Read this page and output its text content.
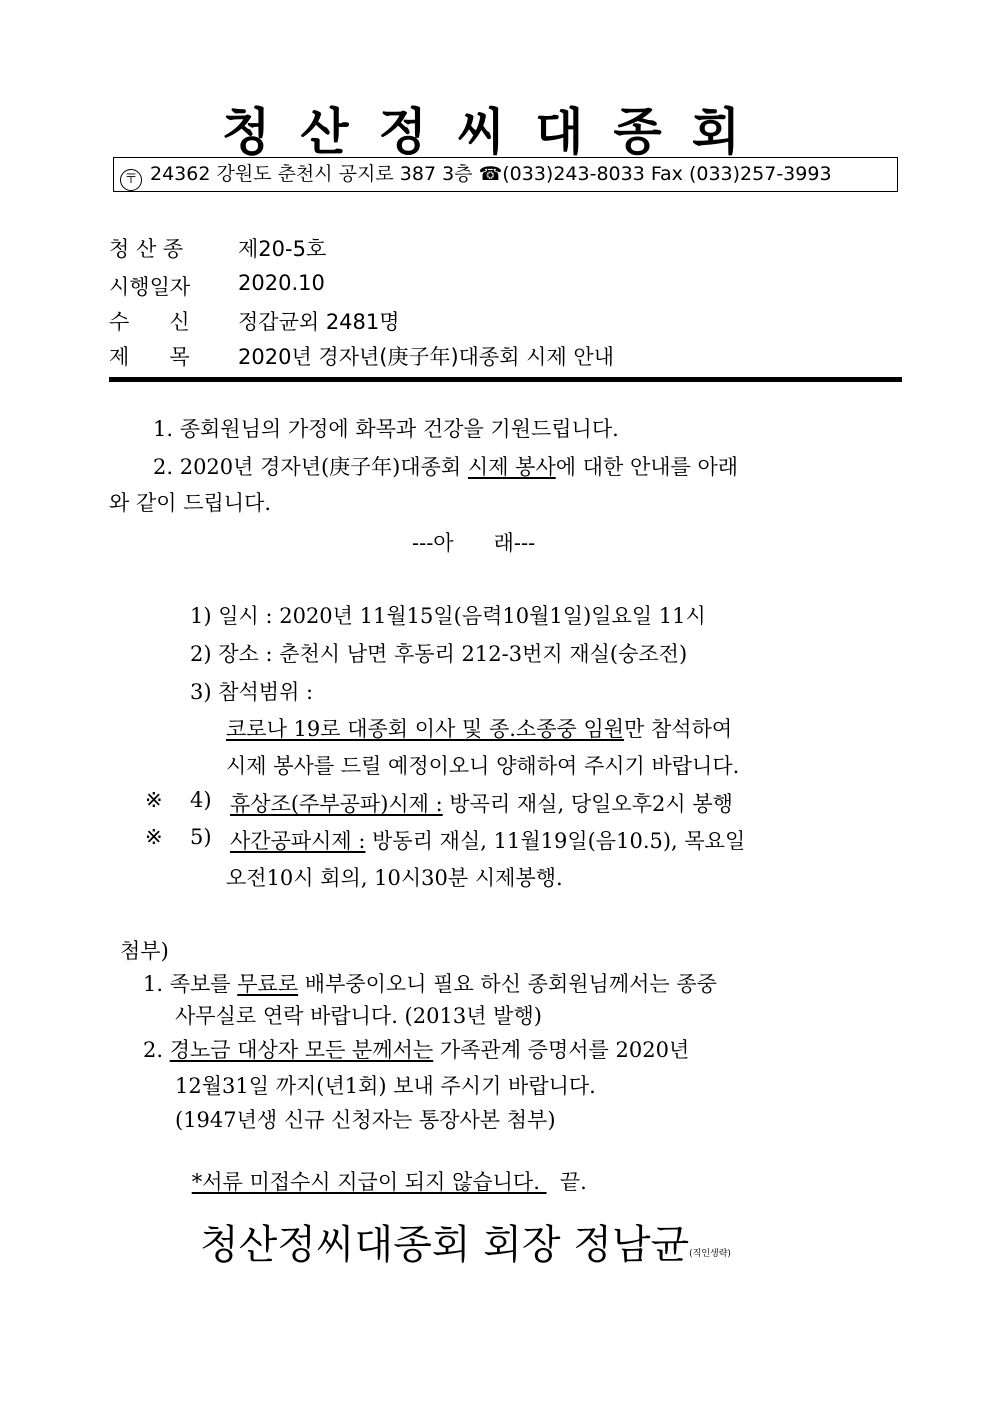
청산정씨대종회
〒 24362 강원도 춘천시 공지로 387 3층 ☎(033)243-8033 Fax (033)257-3993
청 산 종	제20-5호
시행일자 2020.10
수      신 정갑균외 2481명
제      목 2020년 경자년(庚子年)대종회 시제 안내
1. 종회원님의 가정에 화목과 건강을 기원드립니다.
2. 2020년 경자년(庚子年)대종회 시제 봉사에 대한 안내를 아래
와 같이 드립니다.
---아      래---
1) 일시 : 2020년 11월15일(음력10월1일)일요일 11시
2) 장소 : 춘천시 남면 후동리 212-3번지 재실(숭조전)
3) 참석범위 :
코로나 19로 대종회 이사 및 종.소종중 임원만 참석하여
시제 봉사를 드릴 예정이오니 양해하여 주시기 바랍니다.
※ 4) 휴상조(주부공파)시제 : 방곡리 재실, 당일오후2시 봉행
※ 5) 사간공파시제 : 방동리 재실, 11월19일(음10.5), 목요일
오전10시 회의, 10시30분 시제봉행.
첨부)
1. 족보를 무료로 배부중이오니 필요 하신 종회원님께서는 종중
사무실로 연락 바랍니다. (2013년 발행)
2. 경노금 대상자 모든 분께서는 가족관계 증명서를 2020년
12월31일 까지(년1회) 보내 주시기 바랍니다.
(1947년생 신규 신청자는 통장사본 첨부)

*서류 미접수시 지급이 되지 않습니다.   끝.

청산정씨대종회 회장 정남균(직인생략)
